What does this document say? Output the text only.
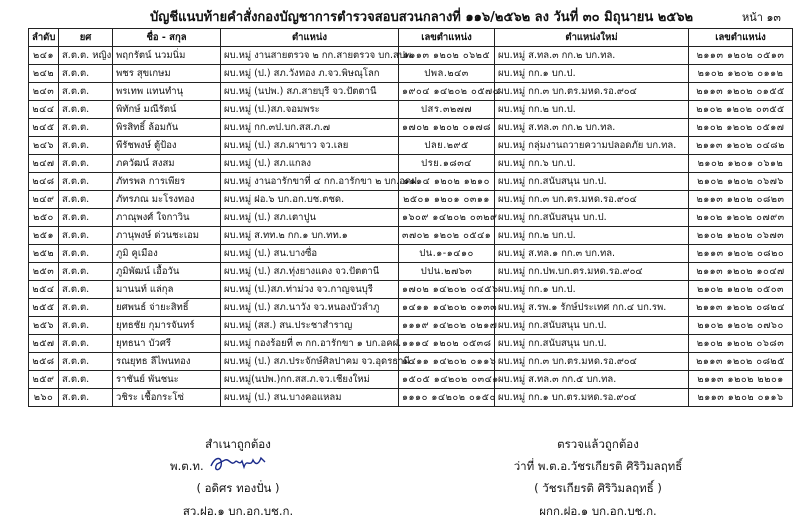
บัญชีแนบท้ายคำสั่งกองบัญชาการตำรวจสอบสวนกลางที่ ๑๑๖/๒๕๖๒ ลง วันที่ ๓๐ มิถุนายน ๒๕๖๒	หน้า ๑๓
ลำดับ	ยศ	ชื่อ - สกุล	ตำแหน่ง	เลขตำแหน่ง	ตำแหน่งใหม่	เลขตำแหน่ง
๒๔๑	ส.ต.ต. หญิง	พฤกรัตน์ นวมนิ่ม	ผบ.หมู่ งานสายตรวจ ๒ กก.สายตรวจ บก.สปพ.	๑๑๑๓ ๑๒๐๒ ๐๖๒๕	ผบ.หมู่ ส.ทล.๓ กก.๒ บก.ทล.	๒๑๑๓ ๑๒๐๒ ๐๕๑๓
๒๔๒	ส.ต.ต.	พชร สุขเกษม	ผบ.หมู่ (ป.) สภ.วังทอง ภ.จว.พิษณุโลก	ปพล.๒๔๓	ผบ.หมู่ กก.๑ บก.ป.	๒๑๐๒ ๑๒๐๒ ๐๑๑๒
๒๔๓	ส.ต.ต.	พรเทพ แทนทำนุ	ผบ.หมู่ (นปพ.) สภ.สายบุรี จว.ปัตตานี	๑๙๐๔ ๑๔๒๐๒ ๐๕๗๔	ผบ.หมู่ กก.๓ บก.ตร.มหด.รอ.๙๐๔	๒๑๑๓ ๑๒๐๒ ๐๑๕๕
๒๔๔	ส.ต.ต.	พิทักษ์ มณีรัตน์	ผบ.หมู่ (ป.)สภ.จอมพระ	ปสร.๓๒๗๗	ผบ.หมู่ กก.๒ บก.ป.	๒๑๐๒ ๑๒๐๒ ๐๓๕๕
๒๔๕	ส.ต.ต.	พิรสิทธิ์ ล้อมกัน	ผบ.หมู่ กก.๓ป.บก.สส.ภ.๗	๑๗๐๒ ๑๒๐๒ ๐๑๗๘	ผบ.หมู่ ส.ทล.๓ กก.๒ บก.ทล.	๒๑๐๒ ๑๒๐๒ ๐๕๑๗
๒๔๖	ส.ต.ต.	พีรัชพงษ์ ตู้ป้อง	ผบ.หมู่ (ป.) สภ.ผาขาว จว.เลย	ปลย.๒๙๕	ผบ.หมู่ กลุ่มงานถวายความปลอดภัย บก.ทล.	๒๑๑๓ ๑๒๐๒ ๐๔๘๒
๒๔๗	ส.ต.ต.	ภควัฒน์ สงสม	ผบ.หมู่ (ป.) สภ.แกลง	ปรย.๑๘๓๔	ผบ.หมู่ กก.๖ บก.ป.	๒๑๐๒ ๑๒๐๑ ๐๖๑๒
๒๔๘	ส.ต.ต.	ภัทรพล การเพียร	ผบ.หมู่ งานอารักขาที่ ๔ กก.อารักขา ๒ บก.อคฝ.	๑๑๑๔ ๑๒๐๒ ๑๒๑๐	ผบ.หมู่ กก.สนับสนุน บก.ป.	๒๑๐๒ ๑๒๐๒ ๐๖๗๖
๒๔๙	ส.ต.ต.	ภัทรภณ มะโรงทอง	ผบ.หมู่ ฝอ.๖ บก.อก.บช.ตชด.	๒๕๐๑ ๑๒๐๑ ๐๓๑๑	ผบ.หมู่ กก.๓ บก.ตร.มหด.รอ.๙๐๔	๒๑๑๓ ๑๒๐๒ ๐๘๒๓
๒๕๐	ส.ต.ต.	ภาณุพงศ์ ใจกาวิน	ผบ.หมู่ (ป.) สภ.เตาปูน	๑๖๐๙ ๑๔๒๐๒ ๐๓๒๙	ผบ.หมู่ กก.สนับสนุน บก.ป.	๒๑๐๒ ๑๒๐๒ ๐๗๙๓
๒๕๑	ส.ต.ต.	ภานุพงษ์ ด่วนชะเอม	ผบ.หมู่ ส.ทท.๒ กก.๑ บก.ทท.๑	๓๗๐๒ ๑๒๐๒ ๐๕๔๑	ผบ.หมู่ กก.๒ บก.ป.	๒๑๐๒ ๑๒๐๒ ๐๖๗๓
๒๕๒	ส.ต.ต.	ภูมิ คูเมือง	ผบ.หมู่ (ป.) สน.บางซื่อ	ปน.๑-๑๔๑๐	ผบ.หมู่ ส.ทล.๑ กก.๓ บก.ทล.	๒๑๑๓ ๑๒๐๒ ๐๘๒๐
๒๕๓	ส.ต.ต.	ภูมิพัฒน์ เอื้อวัน	ผบ.หมู่ (ป.) สภ.ทุ่งยางแดง จว.ปัตตานี	ปปน.๒๗๖๓	ผบ.หมู่ กก.ปพ.บก.ตร.มหด.รอ.๙๐๔	๒๑๑๓ ๑๒๐๒ ๑๐๔๗
๒๕๔	ส.ต.ต.	มานนท์ แล่กุล	ผบ.หมู่ (ป.)สภ.ท่าม่วง จว.กาญจนบุรี	๑๗๐๒ ๑๔๒๐๒ ๐๔๕๖	ผบ.หมู่ กก.๑ บก.ป.	๒๑๐๒ ๑๒๐๒ ๐๕๐๓
๒๕๕	ส.ต.ต.	ยศพนธ์ จ่ายะสิทธิ์	ผบ.หมู่ (ป.) สภ.นาวัง จว.หนองบัวลำภู	๑๔๑๑ ๑๔๒๐๒ ๐๑๓๓	ผบ.หมู่ ส.รพ.๑ รักษ์ประเทศ กก.๔ บก.รพ.	๒๑๑๓ ๑๒๐๒ ๐๘๒๔
๒๕๖	ส.ต.ต.	ยุทธชัย กุมารจันทร์	ผบ.หมู่ (สส.) สน.ประชาสำราญ	๑๑๑๙ ๑๔๒๐๒ ๐๒๑๗	ผบ.หมู่ กก.สนับสนุน บก.ป.	๒๑๐๒ ๑๒๐๒ ๐๗๖๐
๒๕๗	ส.ต.ต.	ยุทธนา บัวศรี	ผบ.หมู่ กองร้อยที่ ๓ กก.อารักขา ๑ บก.อคฝ.	๑๑๑๔ ๑๒๐๒ ๐๕๓๘	ผบ.หมู่ กก.สนับสนุน บก.ป.	๒๑๐๒ ๑๒๐๒ ๐๖๘๓
๒๕๘	ส.ต.ต.	รณยุทธ ลีไพนทอง	ผบ.หมู่ (ป.) สภ.ประจักษ์ศิลปาคม จว.อุดรธานี	๑๔๑๑ ๑๔๒๐๒ ๐๑๑๖	ผบ.หมู่ กก.๓ บก.ตร.มหด.รอ.๙๐๔	๒๑๑๓ ๑๒๐๒ ๐๘๒๕
๒๕๙	ส.ต.ต.	ราชันย์ พันชนะ	ผบ.หมู่(นปพ.)กก.สส.ภ.จว.เชียงใหม่	๑๕๐๕ ๑๔๒๐๒ ๐๓๔๑	ผบ.หมู่ ส.ทล.๓ กก.๕ บก.ทล.	๒๑๑๓ ๑๒๐๒ ๒๒๐๑
๒๖๐	ส.ต.ต.	วชิระ เชื้อกระโซ่	ผบ.หมู่ (ป.) สน.บางคอแหลม	๑๑๑๐ ๑๔๒๐๒ ๐๑๕๐	ผบ.หมู่ กก.๑ บก.ตร.มหด.รอ.๙๐๔	๒๑๑๓ ๑๒๐๒ ๐๑๑๖
สำเนาถูกต้อง
พ.ต.ท.
( อดิศร ทองปั่น )
สว.ฝอ.๑ บก.อก.บช.ก.
ตรวจแล้วถูกต้อง
ว่าที่ พ.ต.อ.วัชรเกียรติ ศิริวิมลฤทธิ์
( วัชรเกียรติ ศิริวิมลฤทธิ์ )
ผกก.ฝอ.๑ บก.อก.บช.ก.
